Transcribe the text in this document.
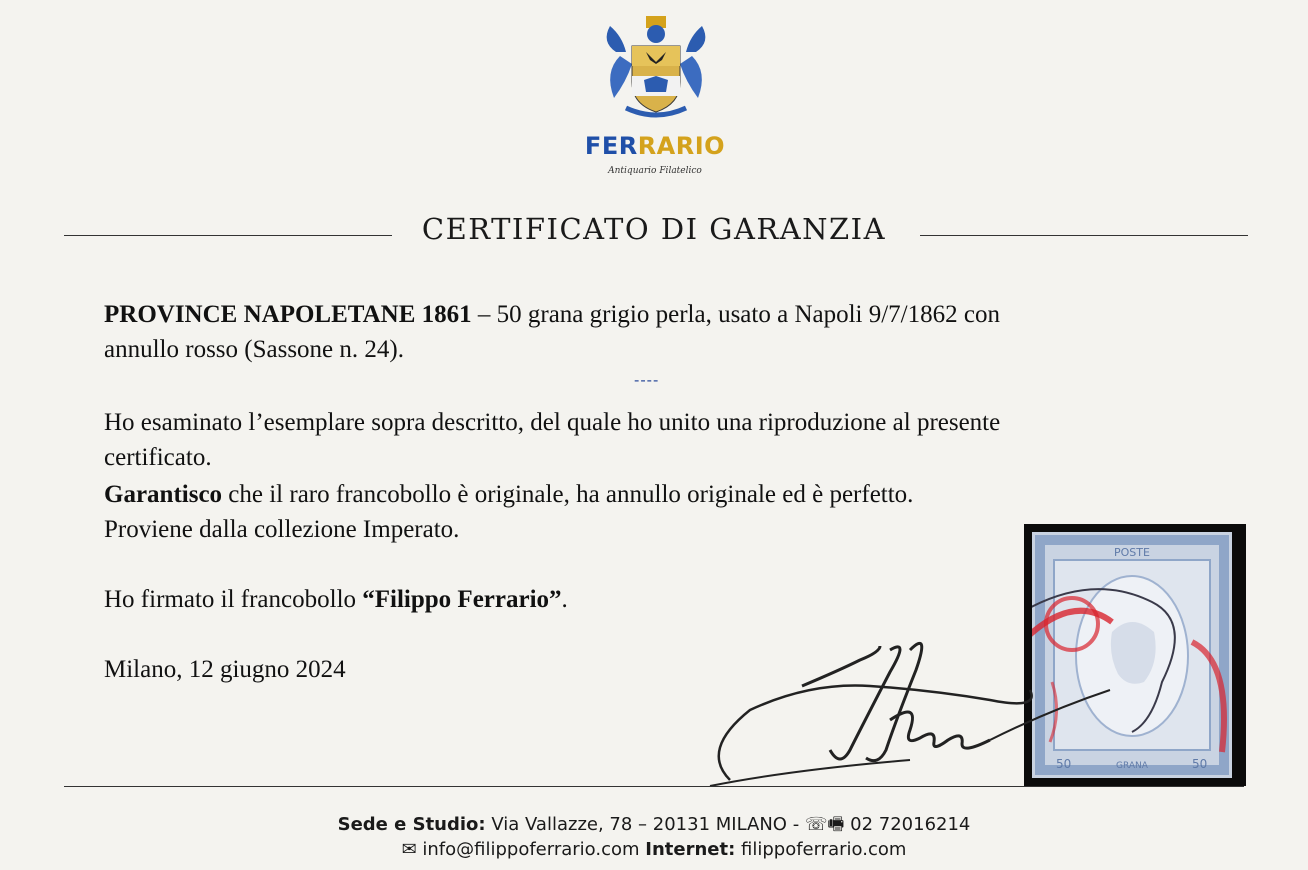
FERRARIO
Antiquario Filatelico
CERTIFICATO DI GARANZIA
PROVINCE NAPOLETANE 1861 – 50 grana grigio perla, usato a Napoli 9/7/1862 con
annullo rosso (Sassone n. 24).
----
Ho esaminato l’esemplare sopra descritto, del quale ho unito una riproduzione al presente
certificato.
Garantisco che il raro francobollo è originale, ha annullo originale ed è perfetto.
Proviene dalla collezione Imperato.
Ho firmato il francobollo “Filippo Ferrario”.
Milano, 12 giugno 2024
POSTE
GRANA
50	50
Sede e Studio: Via Vallazze, 78 – 20131 MILANO - ☏🖷 02 72016214
✉ info@filippoferrario.com Internet: filippoferrario.com
